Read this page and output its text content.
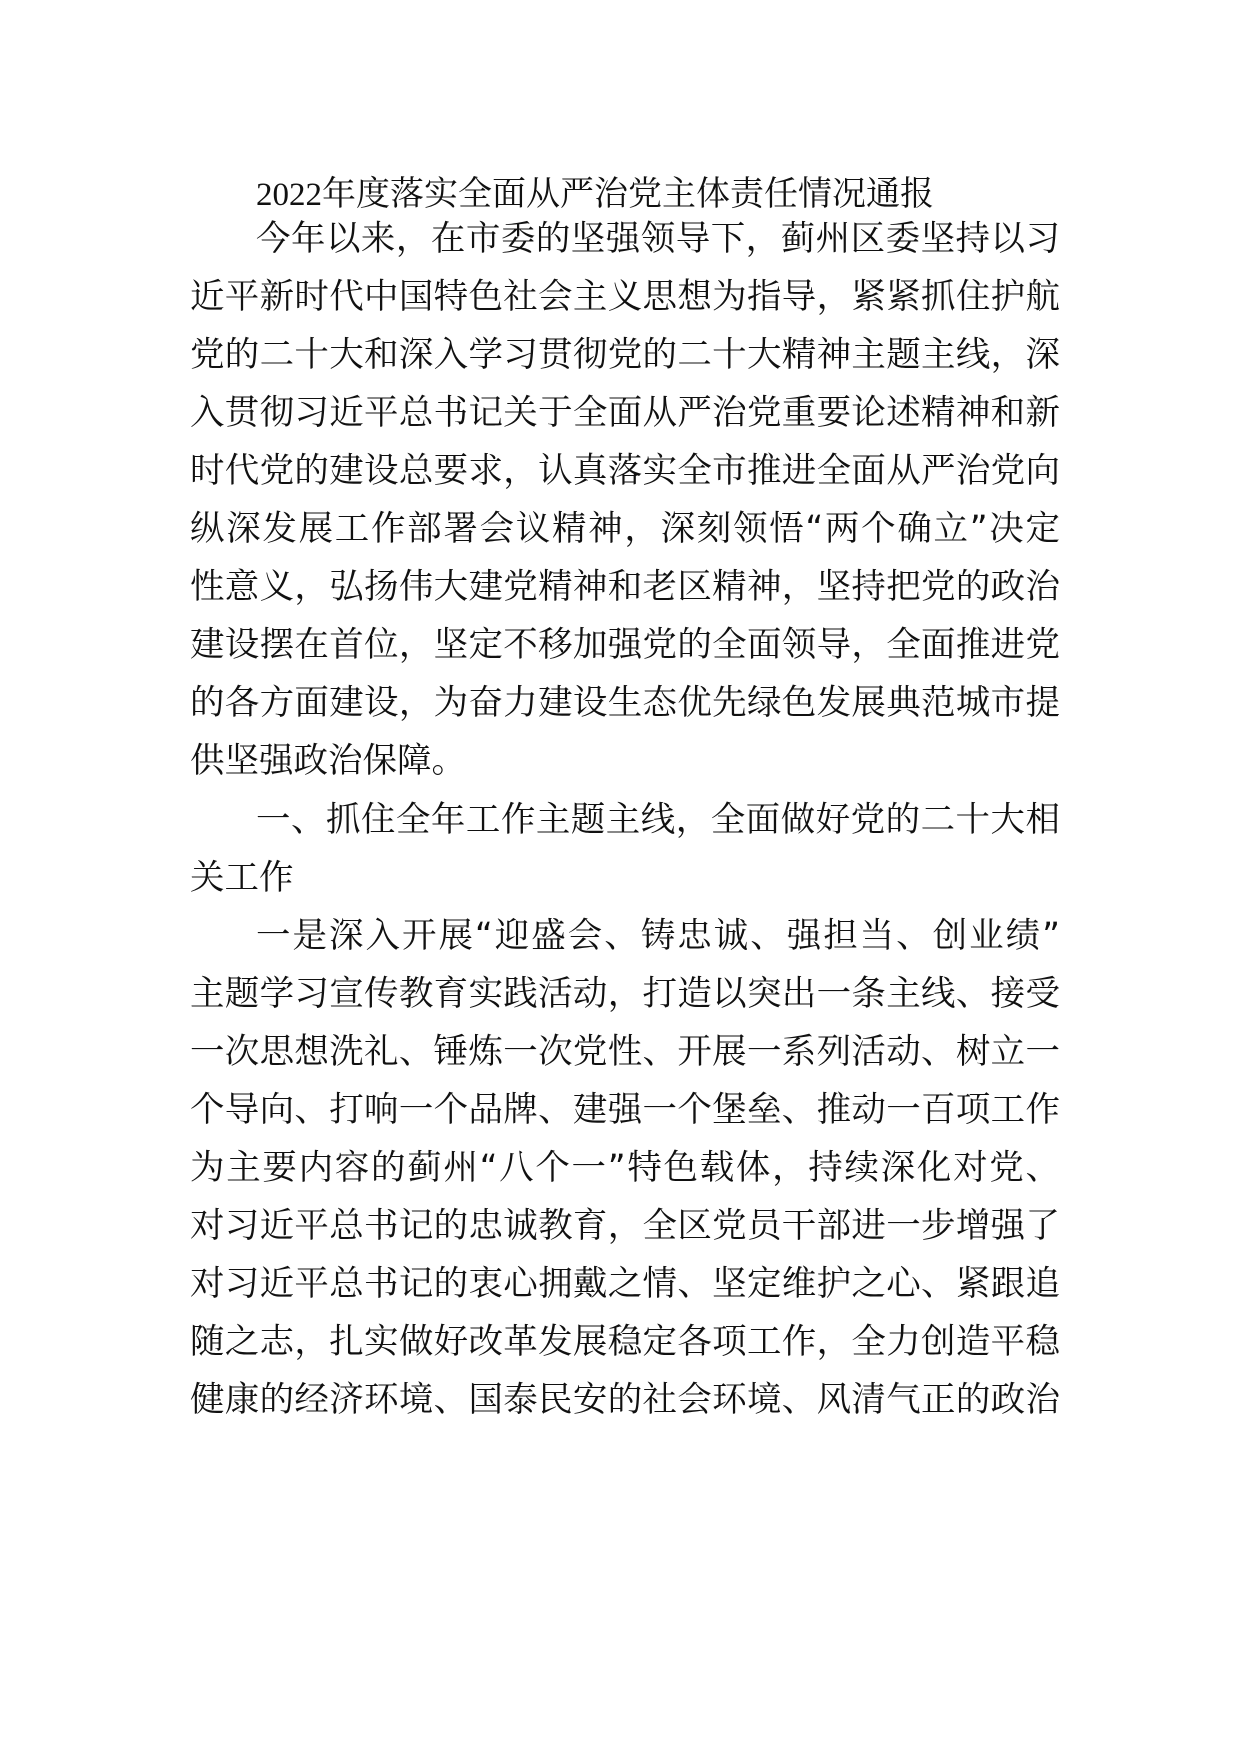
2022年度落实全面从严治党主体责任情况通报
今年以来，在市委的坚强领导下，蓟州区委坚持以习
近平新时代中国特色社会主义思想为指导，紧紧抓住护航
党的二十大和深入学习贯彻党的二十大精神主题主线，深
入贯彻习近平总书记关于全面从严治党重要论述精神和新
时代党的建设总要求，认真落实全市推进全面从严治党向
纵深发展工作部署会议精神，深刻领悟“两个确立”决定
性意义，弘扬伟大建党精神和老区精神，坚持把党的政治
建设摆在首位，坚定不移加强党的全面领导，全面推进党
的各方面建设，为奋力建设生态优先绿色发展典范城市提
供坚强政治保障。
一、抓住全年工作主题主线，全面做好党的二十大相
关工作
一是深入开展“迎盛会、铸忠诚、强担当、创业绩”
主题学习宣传教育实践活动，打造以突出一条主线、接受
一次思想洗礼、锤炼一次党性、开展一系列活动、树立一
个导向、打响一个品牌、建强一个堡垒、推动一百项工作
为主要内容的蓟州“八个一”特色载体，持续深化对党、
对习近平总书记的忠诚教育，全区党员干部进一步增强了
对习近平总书记的衷心拥戴之情、坚定维护之心、紧跟追
随之志，扎实做好改革发展稳定各项工作，全力创造平稳
健康的经济环境、国泰民安的社会环境、风清气正的政治
